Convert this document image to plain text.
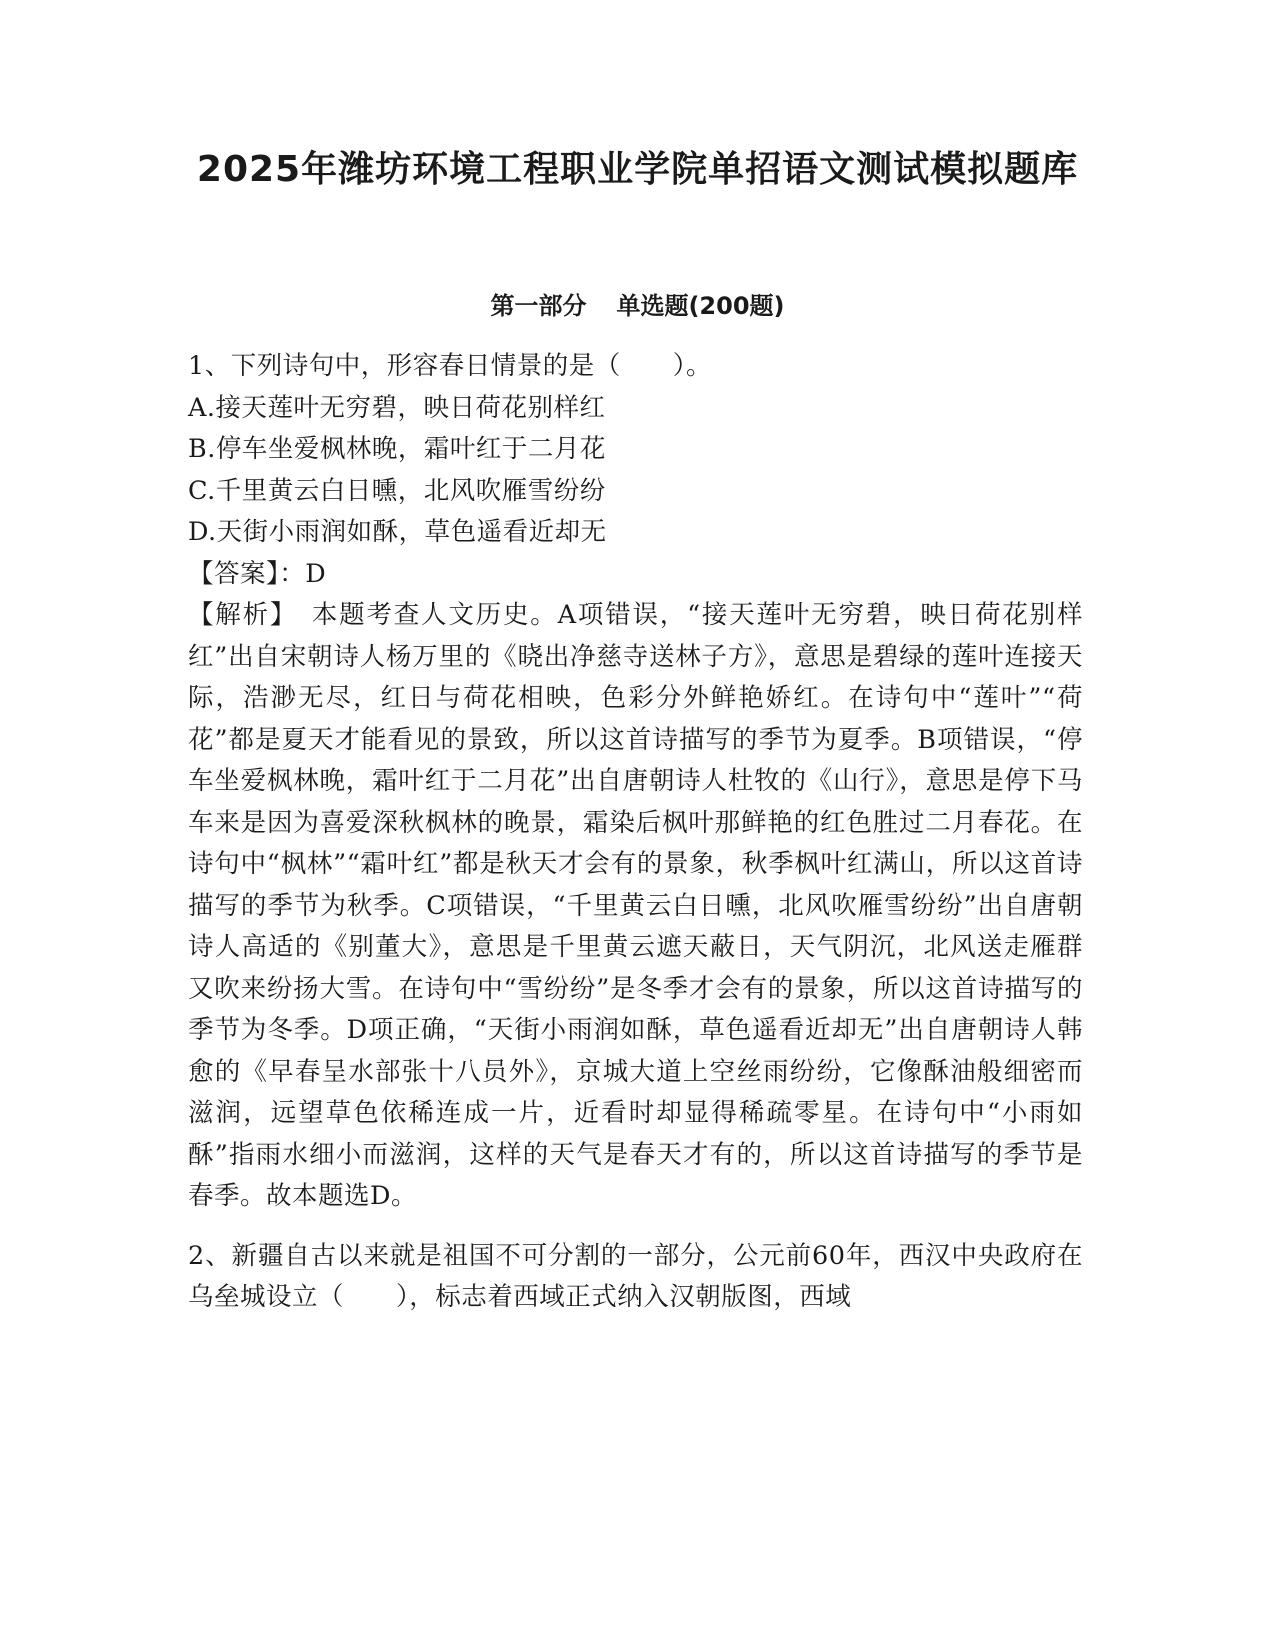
2025年潍坊环境工程职业学院单招语文测试模拟题库
第一部分 单选题(200题)

1、下列诗句中，形容春日情景的是（　　）。

A.接天莲叶无穷碧，映日荷花别样红

B.停车坐爱枫林晚，霜叶红于二月花

C.千里黄云白日曛，北风吹雁雪纷纷

D.天街小雨润如酥，草色遥看近却无

【答案】：D

【解析】　 本题考查人文历史。A项错误，“接天莲叶无穷碧，映日荷花别样红”出自宋朝诗人杨万里的《晓出净慈寺送林子方》，意思是碧绿的莲叶连接天际，浩渺无尽，红日与荷花相映，色彩分外鲜艳娇红。在诗句中“莲叶”“荷花”都是夏天才能看见的景致，所以这首诗描写的季节为夏季。B项错误，“停车坐爱枫林晚，霜叶红于二月花”出自唐朝诗人杜牧的《山行》，意思是停下马车来是因为喜爱深秋枫林的晚景，霜染后枫叶那鲜艳的红色胜过二月春花。在诗句中“枫林”“霜叶红”都是秋天才会有的景象，秋季枫叶红满山，所以这首诗描写的季节为秋季。C项错误，“千里黄云白日曛，北风吹雁雪纷纷”出自唐朝诗人高适的《别董大》，意思是千里黄云遮天蔽日，天气阴沉，北风送走雁群又吹来纷扬大雪。在诗句中“雪纷纷”是冬季才会有的景象，所以这首诗描写的季节为冬季。D项正确，“天街小雨润如酥，草色遥看近却无”出自唐朝诗人韩愈的《早春呈水部张十八员外》，京城大道上空丝雨纷纷，它像酥油般细密而滋润，远望草色依稀连成一片，近看时却显得稀疏零星。在诗句中“小雨如酥”指雨水细小而滋润，这样的天气是春天才有的，所以这首诗描写的季节是春季。故本题选D。

2、新疆自古以来就是祖国不可分割的一部分，公元前60年，西汉中央政府在乌垒城设立（　　），标志着西域正式纳入汉朝版图，西域
